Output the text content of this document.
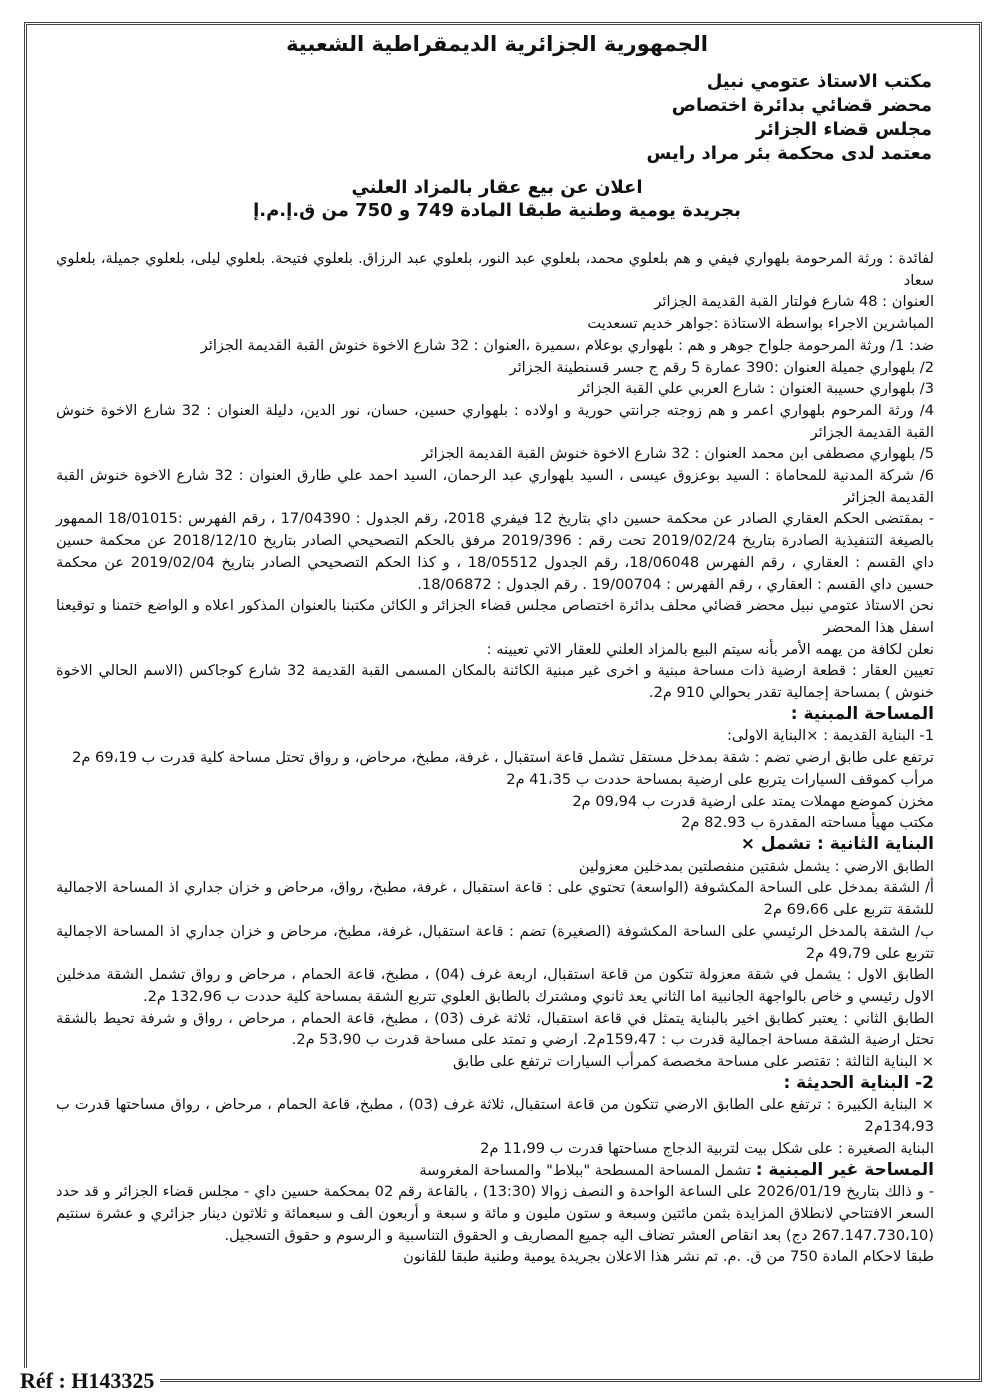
الجمهورية الجزائرية الديمقراطية الشعبية
مكتب الاستاذ عتومي نبيل
محضر قضائي بدائرة اختصاص
مجلس قضاء الجزائر
معتمد لدى محكمة بئر مراد رايس
اعلان عن بيع عقار بالمزاد العلني
بجريدة يومية وطنية طبقا المادة 749 و 750 من ق.إ.م.إ

لفائدة : ورثة المرحومة بلهواري فيفي و هم بلعلوي محمد، بلعلوي عبد النور، بلعلوي عبد الرزاق. بلعلوي فتيحة. بلعلوي ليلى، بلعلوي جميلة، بلعلوي سعاد

العنوان : 48 شارع فولتار القبة القديمة الجزائر

المباشرين الاجراء بواسطة الاستاذة :جواهر خديم تسعديت

ضد: 1/ ورثة المرحومة جلواح جوهر و هم : بلهواري بوعلام ،سميرة ،العنوان : 32 شارع الاخوة خنوش القبة القديمة الجزائر

2/ بلهواري جميلة العنوان :390 عمارة 5 رقم ج جسر قسنطينة الجزائر

3/ بلهواري حسيبة العنوان : شارع العربي علي القبة الجزائر

4/ ورثة المرحوم بلهواري اعمر و هم زوجته جرانتي حورية و اولاده : بلهواري حسين، حسان، نور الدين، دليلة العنوان : 32 شارع الاخوة خنوش القبة القديمة الجزائر

5/ بلهواري مصطفى ابن محمد العنوان : 32 شارع الاخوة خنوش القبة القديمة الجزائر

6/ شركة المدنية للمحاماة : السيد بوعزوق عيسى ، السيد بلهواري عبد الرحمان، السيد احمد علي طارق العنوان : 32 شارع الاخوة خنوش القبة القديمة الجزائر

- بمقتضى الحكم العقاري الصادر عن محكمة حسين داي بتاريخ 12 فيفري 2018، رقم الجدول : 17/04390 ، رقم الفهرس :18/01015 الممهور بالصيغة التنفيذية الصادرة بتاريخ 2019/02/24 تحت رقم : 2019/396 مرفق بالحكم التصحيحي الصادر بتاريخ 2018/12/10 عن محكمة حسين داي القسم : العقاري ، رقم الفهرس 18/06048، رقم الجدول 18/05512 ، و كذا الحكم التصحيحي الصادر بتاريخ 2019/02/04 عن محكمة حسين داي القسم : العقاري ، رقم الفهرس : 19/00704 . رقم الجدول : 18/06872.

نحن الاستاذ عتومي نبيل محضر قضائي محلف بدائرة اختصاص مجلس قضاء الجزائر و الكائن مكتبنا بالعنوان المذكور اعلاه و الواضع ختمنا و توقيعنا اسفل هذا المحضر

نعلن لكافة من يهمه الأمر بأنه سيتم البيع بالمزاد العلني للعقار الاتي تعيينه :

تعيين العقار : قطعة ارضية ذات مساحة مبنية و اخرى غير مبنية الكائنة بالمكان المسمى القبة القديمة 32 شارع كوجاكس (الاسم الحالي الاخوة خنوش ) بمساحة إجمالية تقدر بحوالي 910 م2.

المساحة المبنية :

1- البناية القديمة : ×البناية الاولى:

ترتفع على طابق ارضي تضم : شقة بمدخل مستقل تشمل قاعة استقبال ، غرفة، مطبخ، مرحاض، و رواق تحتل مساحة كلية قدرت ب 69،19 م2

مرأب كموقف السيارات يتربع على ارضية بمساحة حددت ب 41،35 م2

مخزن كموضع مهملات يمتد على ارضية قدرت ب 09،94 م2

مكتب مهيأ مساحته المقدرة ب 82.93 م2

البناية الثانية : تشمل ×

الطابق الارضي : يشمل شقتين منفصلتين بمدخلين معزولين

أ/ الشقة بمدخل على الساحة المكشوفة (الواسعة) تحتوي على : قاعة استقبال ، غرفة، مطبخ، رواق، مرحاض و خزان جداري اذ المساحة الاجمالية للشقة تتربع على 69،66 م2

ب/ الشقة بالمدخل الرئيسي على الساحة المكشوفة (الصغيرة) تضم : قاعة استقبال، غرفة، مطبخ، مرحاض و خزان جداري اذ المساحة الاجمالية تتربع على 49،79 م2

الطابق الاول : يشمل في شقة معزولة تتكون من قاعة استقبال، اربعة غرف (04) ، مطبخ، قاعة الحمام ، مرحاض و رواق تشمل الشقة مدخلين الاول رئيسي و خاص بالواجهة الجانبية اما الثاني يعد ثانوي ومشترك بالطابق العلوي تتربع الشقة بمساحة كلية حددت ب 132،96 م2.

الطابق الثاني : يعتبر كطابق اخير بالبناية يتمثل في قاعة استقبال، ثلاثة غرف (03) ، مطبخ، قاعة الحمام ، مرحاض ، رواق و شرفة تحيط بالشقة تحتل ارضية الشقة مساحة اجمالية قدرت ب : 159،47م2. ارضي و تمتد على مساحة قدرت ب 53،90 م2.

× البناية الثالثة : تقتصر على مساحة مخصصة كمرأب السيارات ترتفع على طابق

2- البناية الحديثة :

× البناية الكبيرة : ترتفع على الطابق الارضي تتكون من قاعة استقبال، ثلاثة غرف (03) ، مطبخ، قاعة الحمام ، مرحاض ، رواق مساحتها قدرت ب 134،93م2

البناية الصغيرة : على شكل بيت لتربية الدجاج مساحتها قدرت ب 11،99 م2

المساحة غير المبنية : تشمل المساحة المسطحة "ببلاط" والمساحة المغروسة

- و ذالك بتاريخ 2026/01/19 على الساعة الواحدة و النصف زوالا (13:30) ، بالقاعة رقم 02 بمحكمة حسين داي - مجلس قضاء الجزائر و قد حدد السعر الافتتاحي لانطلاق المزايدة بثمن مائتين وسبعة و ستون مليون و مائة و سبعة و أربعون الف و سبعمائة و ثلاثون دينار جزائري و عشرة سنتيم (267.147.730،10 دج) بعد انقاص العشر تضاف اليه جميع المصاريف و الحقوق التناسبية و الرسوم و حقوق التسجيل.

طبقا لاحكام المادة 750 من ق. .م. تم نشر هذا الاعلان بجريدة يومية وطنية طبقا للقانون

Réf : H143325
